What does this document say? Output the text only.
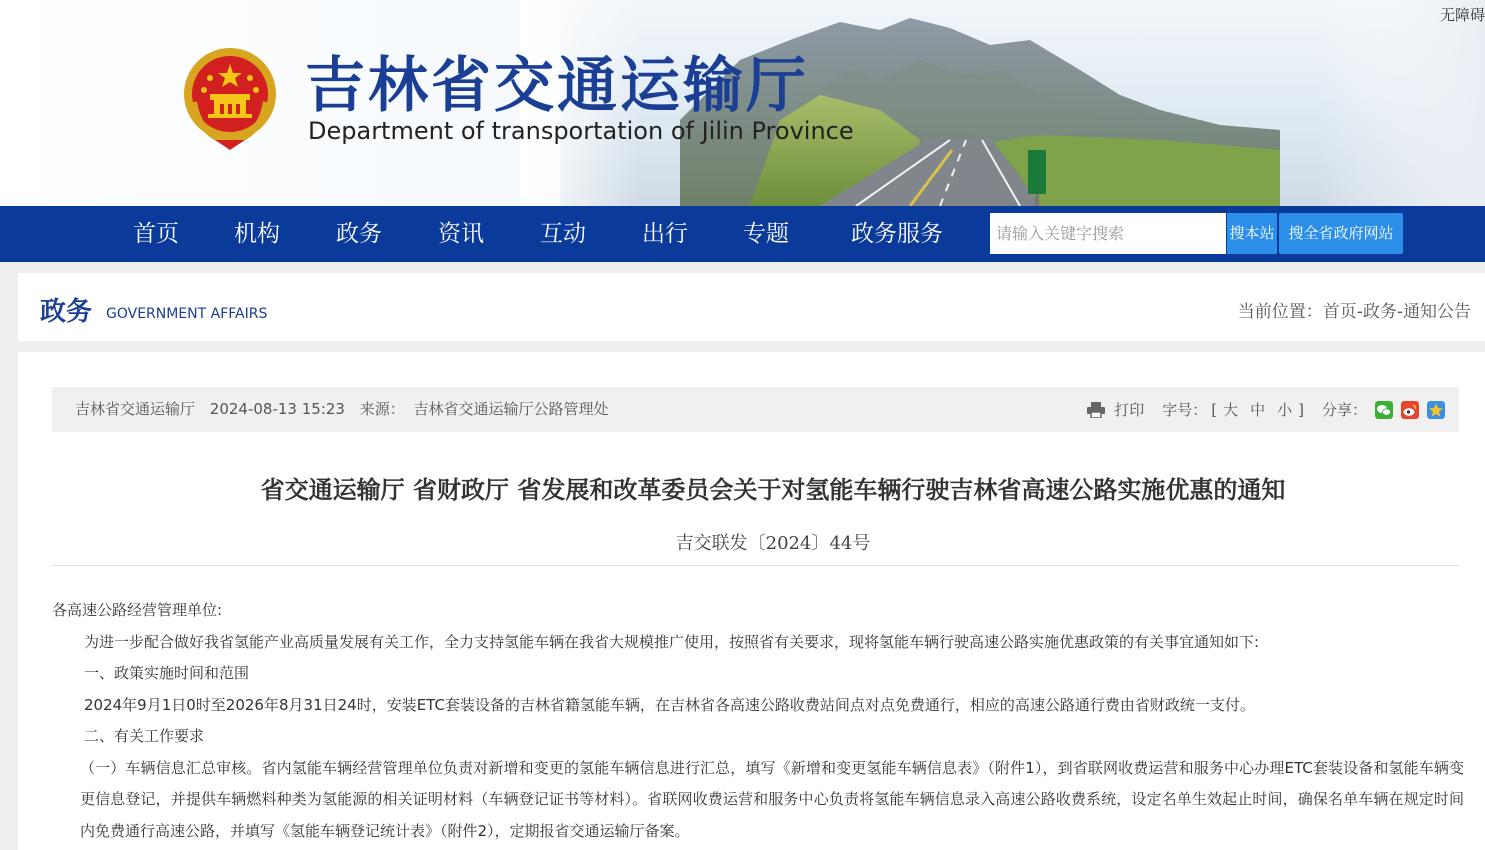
无障碍
吉林省交通运输厅
Department of transportation of Jilin Province
首页 机构 政务 资讯 互动 出行 专题	政务服务
请输入关键字搜索	搜本站 搜全省政府网站
政务 GOVERNMENT AFFAIRS	当前位置：首页-政务-通知公告
吉林省交通运输厅 2024-08-13 15:23 来源： 吉林省交通运输厅公路管理处	打印 字号： [ 大 中 小 ] 分享：
省交通运输厅 省财政厅 省发展和改革委员会关于对氢能车辆行驶吉林省高速公路实施优惠的通知
吉交联发〔2024〕44号

各高速公路经营管理单位:

为进一步配合做好我省氢能产业高质量发展有关工作，全力支持氢能车辆在我省大规模推广使用，按照省有关要求，现将氢能车辆行驶高速公路实施优惠政策的有关事宜通知如下:

一、政策实施时间和范围

2024年9月1日0时至2026年8月31日24时，安装ETC套装设备的吉林省籍氢能车辆，在吉林省各高速公路收费站间点对点免费通行，相应的高速公路通行费由省财政统一支付。

二、有关工作要求

（一）车辆信息汇总审核。省内氢能车辆经营管理单位负责对新增和变更的氢能车辆信息进行汇总，填写《新增和变更氢能车辆信息表》（附件1），到省联网收费运营和服务中心办理ETC套装设备和氢能车辆变更信息登记，并提供车辆燃料种类为氢能源的相关证明材料（车辆登记证书等材料）。省联网收费运营和服务中心负责将氢能车辆信息录入高速公路收费系统，设定名单生效起止时间，确保名单车辆在规定时间内免费通行高速公路，并填写《氢能车辆登记统计表》（附件2），定期报省交通运输厅备案。
